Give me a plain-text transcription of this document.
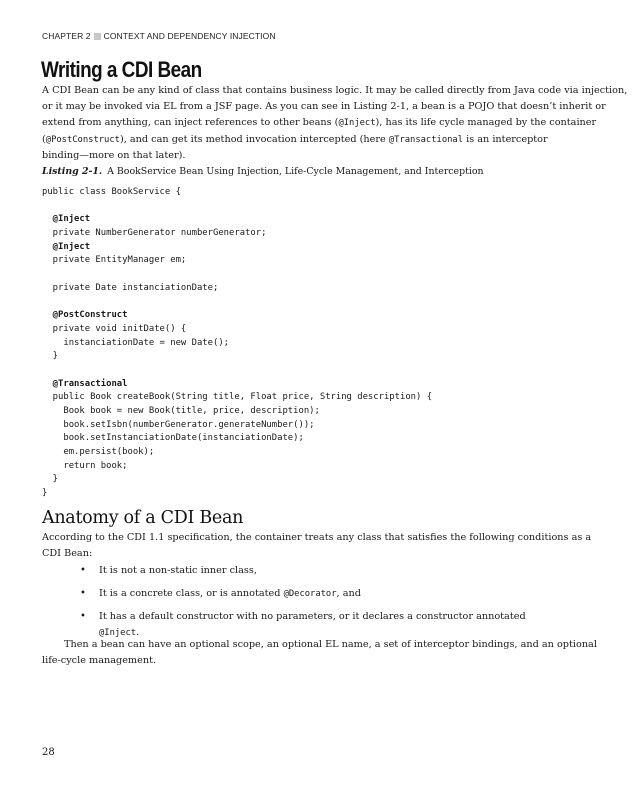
CHAPTER 2 CONTEXT AND DEPENDENCY INJECTION
Writing a CDI Bean
A CDI Bean can be any kind of class that contains business logic. It may be called directly from Java code via injection,
or it may be invoked via EL from a JSF page. As you can see in Listing 2-1, a bean is a POJO that doesn’t inherit or
extend from anything, can inject references to other beans (@Inject), has its life cycle managed by the container
(@PostConstruct), and can get its method invocation intercepted (here @Transactional is an interceptor
binding—more on that later).
Listing 2-1. A BookService Bean Using Injection, Life-Cycle Management, and Interception
public class BookService {
@Inject
private NumberGenerator numberGenerator;
@Inject
private EntityManager em;
private Date instanciationDate;
@PostConstruct
private void initDate() {
instanciationDate = new Date();
}
@Transactional
public Book createBook(String title, Float price, String description) {
Book book = new Book(title, price, description);
book.setIsbn(numberGenerator.generateNumber());
book.setInstanciationDate(instanciationDate);
em.persist(book);
return book;
}
}
Anatomy of a CDI Bean
According to the CDI 1.1 specification, the container treats any class that satisfies the following conditions as a
CDI Bean:
• It is not a non-static inner class,
• It is a concrete class, or is annotated @Decorator, and
• It has a default constructor with no parameters, or it declares a constructor annotated
@Inject.
Then a bean can have an optional scope, an optional EL name, a set of interceptor bindings, and an optional
life-cycle management.
28
